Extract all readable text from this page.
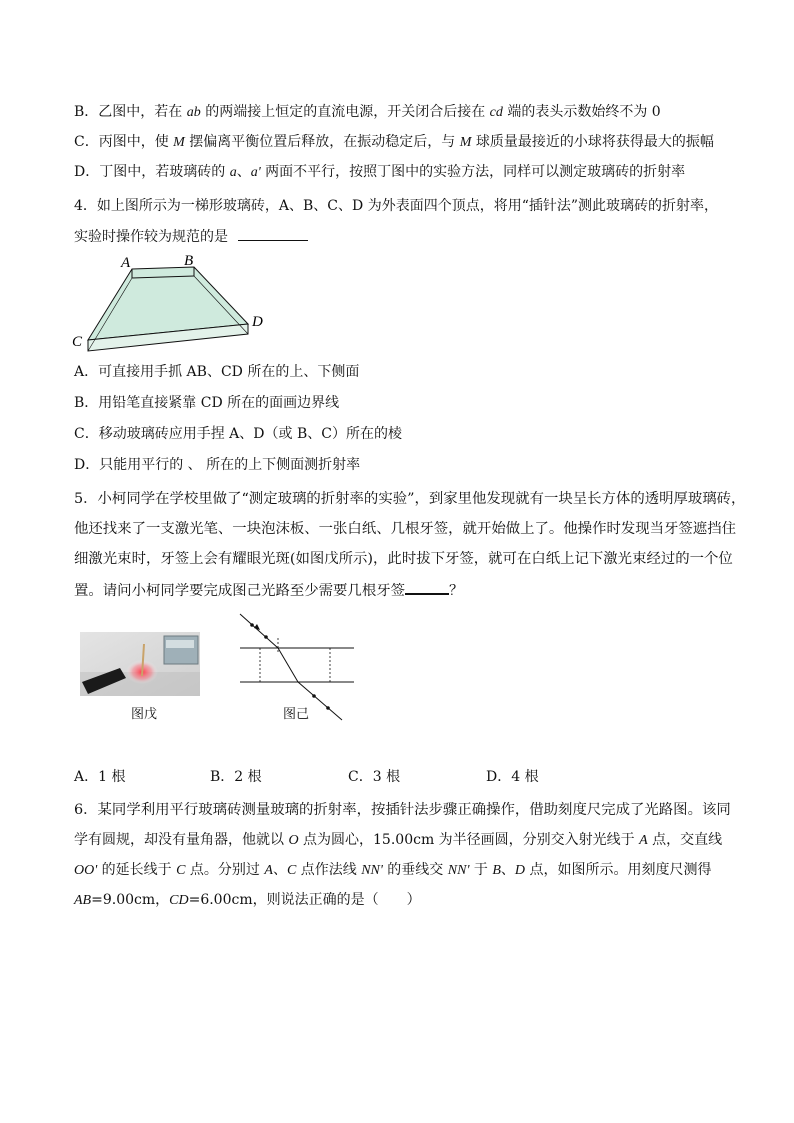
B．乙图中，若在 ab 的两端接上恒定的直流电源，开关闭合后接在 cd 端的表头示数始终不为 0
C．丙图中，使 M 摆偏离平衡位置后释放，在振动稳定后，与 M 球质量最接近的小球将获得最大的振幅
D．丁图中，若玻璃砖的 a、a' 两面不平行，按照丁图中的实验方法，同样可以测定玻璃砖的折射率
4．如上图所示为一梯形玻璃砖，A、B、C、D 为外表面四个顶点，将用“插针法”测此玻璃砖的折射率，
实验时操作较为规范的是
A	B
C
D
A．可直接用手抓 AB、CD 所在的上、下侧面
B．用铅笔直接紧靠 CD 所在的面画边界线
C．移动玻璃砖应用手捏 A、D（或 B、C）所在的棱
D．只能用平行的 、 所在的上下侧面测折射率
5．小柯同学在学校里做了“测定玻璃的折射率的实验”，到家里他发现就有一块呈长方体的透明厚玻璃砖，
他还找来了一支激光笔、一块泡沫板、一张白纸、几根牙签，就开始做上了。他操作时发现当牙签遮挡住
细激光束时，牙签上会有耀眼光斑(如图戊所示)，此时拔下牙签，就可在白纸上记下激光束经过的一个位
置。请问小柯同学要完成图己光路至少需要几根牙签	？
图戊	图己
A．1 根	B．2 根	C．3 根	D．4 根
6．某同学利用平行玻璃砖测量玻璃的折射率，按插针法步骤正确操作，借助刻度尺完成了光路图。该同
学有圆规，却没有量角器，他就以 O 点为圆心，15.00cm 为半径画圆，分别交入射光线于 A 点，交直线
OO' 的延长线于 C 点。分别过 A、C 点作法线 NN' 的垂线交 NN' 于 B、D 点，如图所示。用刻度尺测得
AB=9.00cm，CD=6.00cm，则说法正确的是（　　）
